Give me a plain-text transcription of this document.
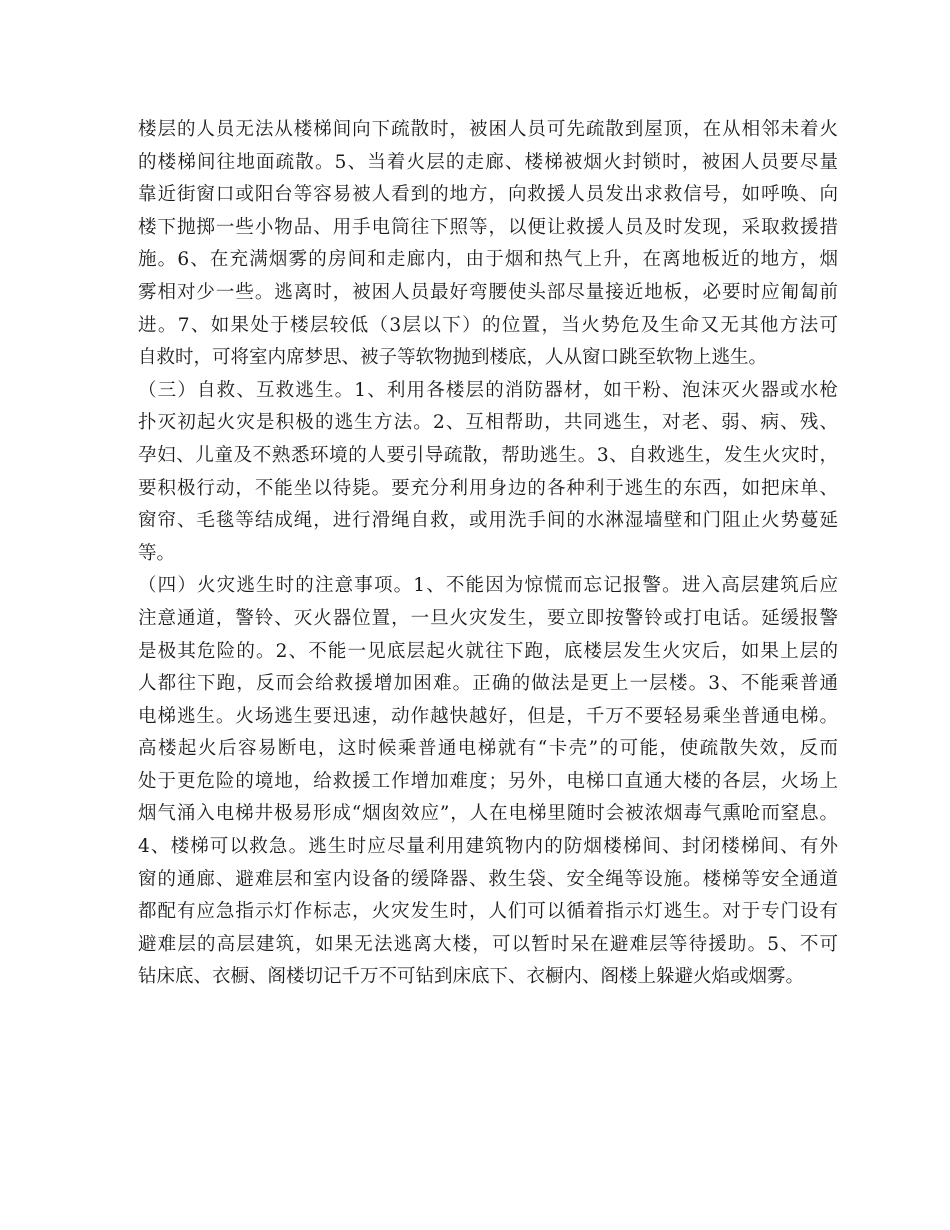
楼层的人员无法从楼梯间向下疏散时，被困人员可先疏散到屋顶，在从相邻未着火
的楼梯间往地面疏散。5、当着火层的走廊、楼梯被烟火封锁时，被困人员要尽量
靠近街窗口或阳台等容易被人看到的地方，向救援人员发出求救信号，如呼唤、向
楼下抛掷一些小物品、用手电筒往下照等，以便让救援人员及时发现，采取救援措
施。6、在充满烟雾的房间和走廊内，由于烟和热气上升，在离地板近的地方，烟
雾相对少一些。逃离时，被困人员最好弯腰使头部尽量接近地板，必要时应匍匐前
进。7、如果处于楼层较低（3层以下）的位置，当火势危及生命又无其他方法可
自救时，可将室内席梦思、被子等软物抛到楼底，人从窗口跳至软物上逃生。
（三）自救、互救逃生。1、利用各楼层的消防器材，如干粉、泡沫灭火器或水枪
扑灭初起火灾是积极的逃生方法。2、互相帮助，共同逃生，对老、弱、病、残、
孕妇、儿童及不熟悉环境的人要引导疏散，帮助逃生。3、自救逃生，发生火灾时，
要积极行动，不能坐以待毙。要充分利用身边的各种利于逃生的东西，如把床单、
窗帘、毛毯等结成绳，进行滑绳自救，或用洗手间的水淋湿墙壁和门阻止火势蔓延
等。
（四）火灾逃生时的注意事项。1、不能因为惊慌而忘记报警。进入高层建筑后应
注意通道，警铃、灭火器位置，一旦火灾发生，要立即按警铃或打电话。延缓报警
是极其危险的。2、不能一见底层起火就往下跑，底楼层发生火灾后，如果上层的
人都往下跑，反而会给救援增加困难。正确的做法是更上一层楼。3、不能乘普通
电梯逃生。火场逃生要迅速，动作越快越好，但是，千万不要轻易乘坐普通电梯。
高楼起火后容易断电，这时候乘普通电梯就有“卡壳”的可能，使疏散失效，反而
处于更危险的境地，给救援工作增加难度；另外，电梯口直通大楼的各层，火场上
烟气涌入电梯井极易形成“烟囱效应”，人在电梯里随时会被浓烟毒气熏呛而窒息。
4、楼梯可以救急。逃生时应尽量利用建筑物内的防烟楼梯间、封闭楼梯间、有外
窗的通廊、避难层和室内设备的缓降器、救生袋、安全绳等设施。楼梯等安全通道
都配有应急指示灯作标志，火灾发生时，人们可以循着指示灯逃生。对于专门设有
避难层的高层建筑，如果无法逃离大楼，可以暂时呆在避难层等待援助。5、不可
钻床底、衣橱、阁楼切记千万不可钻到床底下、衣橱内、阁楼上躲避火焰或烟雾。
